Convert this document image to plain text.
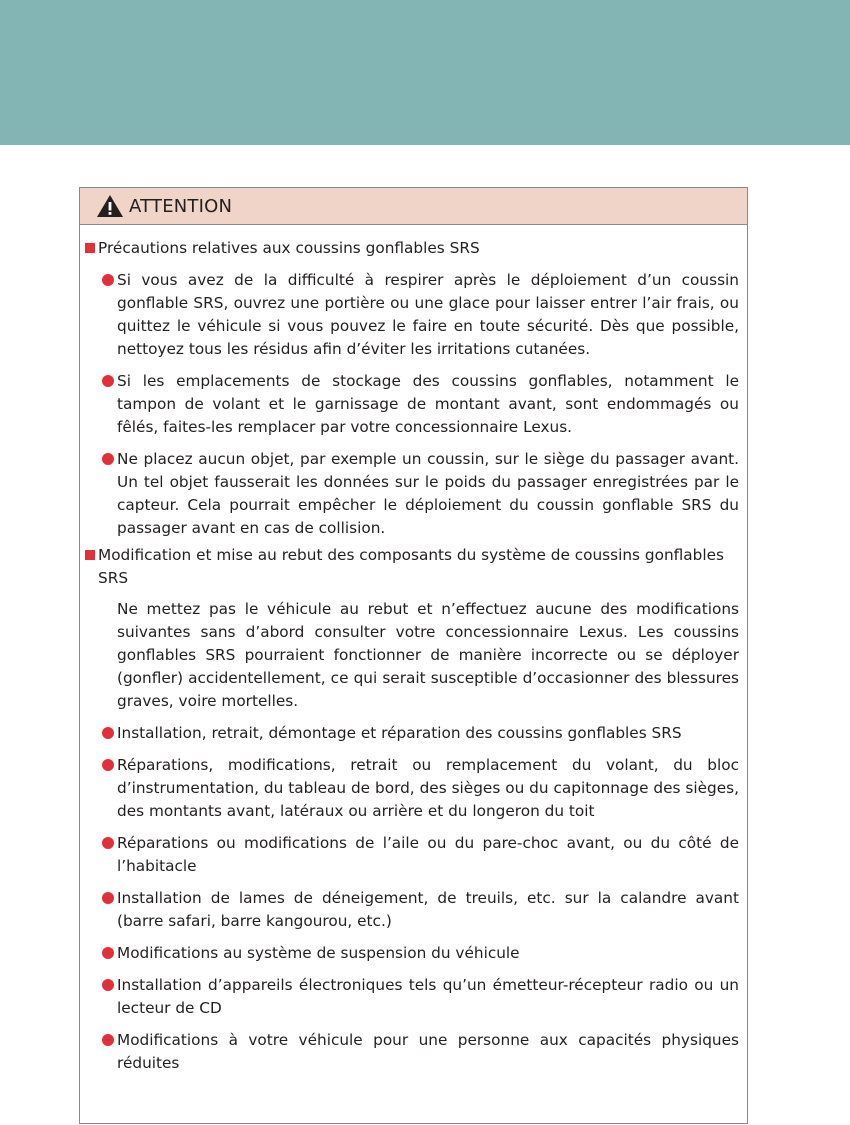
ATTENTION
Précautions relatives aux coussins gonflables SRS
Si vous avez de la difficulté à respirer après le déploiement d’un coussin gonflable SRS, ouvrez une portière ou une glace pour laisser entrer l’air frais, ou quittez le véhicule si vous pouvez le faire en toute sécurité. Dès que possible, nettoyez tous les résidus afin d’éviter les irritations cutanées.
Si les emplacements de stockage des coussins gonflables, notamment le tampon de volant et le garnissage de montant avant, sont endommagés ou fêlés, faites-les remplacer par votre concessionnaire Lexus.
Ne placez aucun objet, par exemple un coussin, sur le siège du passager avant. Un tel objet fausserait les données sur le poids du passager enregistrées par le capteur. Cela pourrait empêcher le déploiement du coussin gonflable SRS du passager avant en cas de collision.
Modification et mise au rebut des composants du système de coussins gonflables SRS
Ne mettez pas le véhicule au rebut et n’effectuez aucune des modifications suivantes sans d’abord consulter votre concessionnaire Lexus. Les coussins gonflables SRS pourraient fonctionner de manière incorrecte ou se déployer (gonfler) accidentellement, ce qui serait susceptible d’occasionner des blessures graves, voire mortelles.
Installation, retrait, démontage et réparation des coussins gonflables SRS
Réparations, modifications, retrait ou remplacement du volant, du bloc d’instrumentation, du tableau de bord, des sièges ou du capitonnage des sièges, des montants avant, latéraux ou arrière et du longeron du toit
Réparations ou modifications de l’aile ou du pare-choc avant, ou du côté de l’habitacle
Installation de lames de déneigement, de treuils, etc. sur la calandre avant (barre safari, barre kangourou, etc.)
Modifications au système de suspension du véhicule
Installation d’appareils électroniques tels qu’un émetteur-récepteur radio ou un lecteur de CD
Modifications à votre véhicule pour une personne aux capacités physiques réduites
